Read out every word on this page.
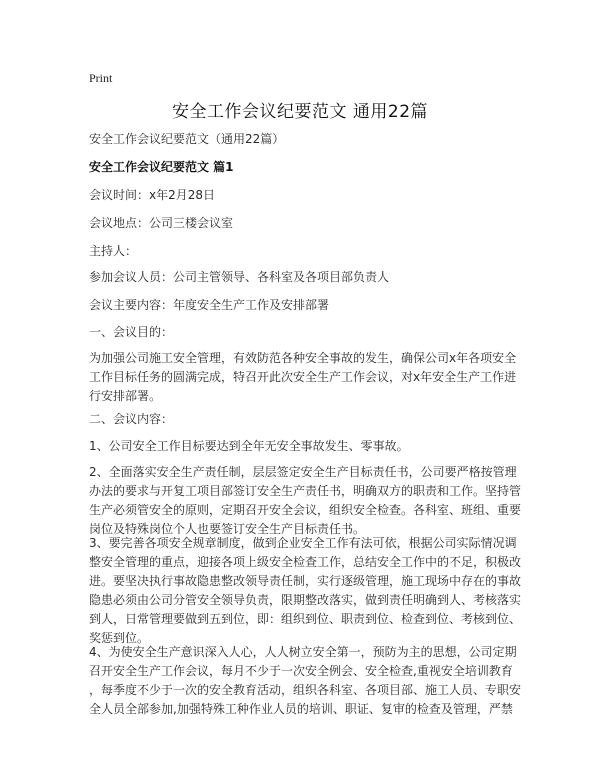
Print
安全工作会议纪要范文 通用22篇
安全工作会议纪要范文（通用22篇）
安全工作会议纪要范文 篇1
会议时间：x年2月28日
会议地点：公司三楼会议室
主持人：
参加会议人员：公司主管领导、各科室及各项目部负责人
会议主要内容：年度安全生产工作及安排部署
一、会议目的：
为加强公司施工安全管理，有效防范各种安全事故的发生，确保公司x年各项安全
工作目标任务的圆满完成，特召开此次安全生产工作会议，对x年安全生产工作进
行安排部署。
二、会议内容：
1、公司安全工作目标要达到全年无安全事故发生、零事故。
2、全面落实安全生产责任制，层层签定安全生产目标责任书，公司要严格按管理
办法的要求与开复工项目部签订安全生产责任书，明确双方的职责和工作。坚持管
生产必须管安全的原则，定期召开安全会议，组织安全检查。各科室、班组、重要
岗位及特殊岗位个人也要签订安全生产目标责任书。
3、要完善各项安全规章制度，做到企业安全工作有法可依，根据公司实际情况调
整安全管理的重点，迎接各项上级安全检查工作，总结安全工作中的不足，积极改
进。要坚决执行事故隐患整改领导责任制，实行逐级管理，施工现场中存在的事故
隐患必须由公司分管安全领导负责，限期整改落实，做到责任明确到人、考核落实
到人，日常管理要做到五到位，即：组织到位、职责到位、检查到位、考核到位、
奖惩到位。
4、为使安全生产意识深入人心，人人树立安全第一，预防为主的思想，公司定期
召开安全生产工作会议，每月不少于一次安全例会、安全检查,重视安全培训教育
，每季度不少于一次的安全教育活动，组织各科室、各项目部、施工人员、专职安
全人员全部参加,加强特殊工种作业人员的培训、职证、复审的检查及管理，严禁
